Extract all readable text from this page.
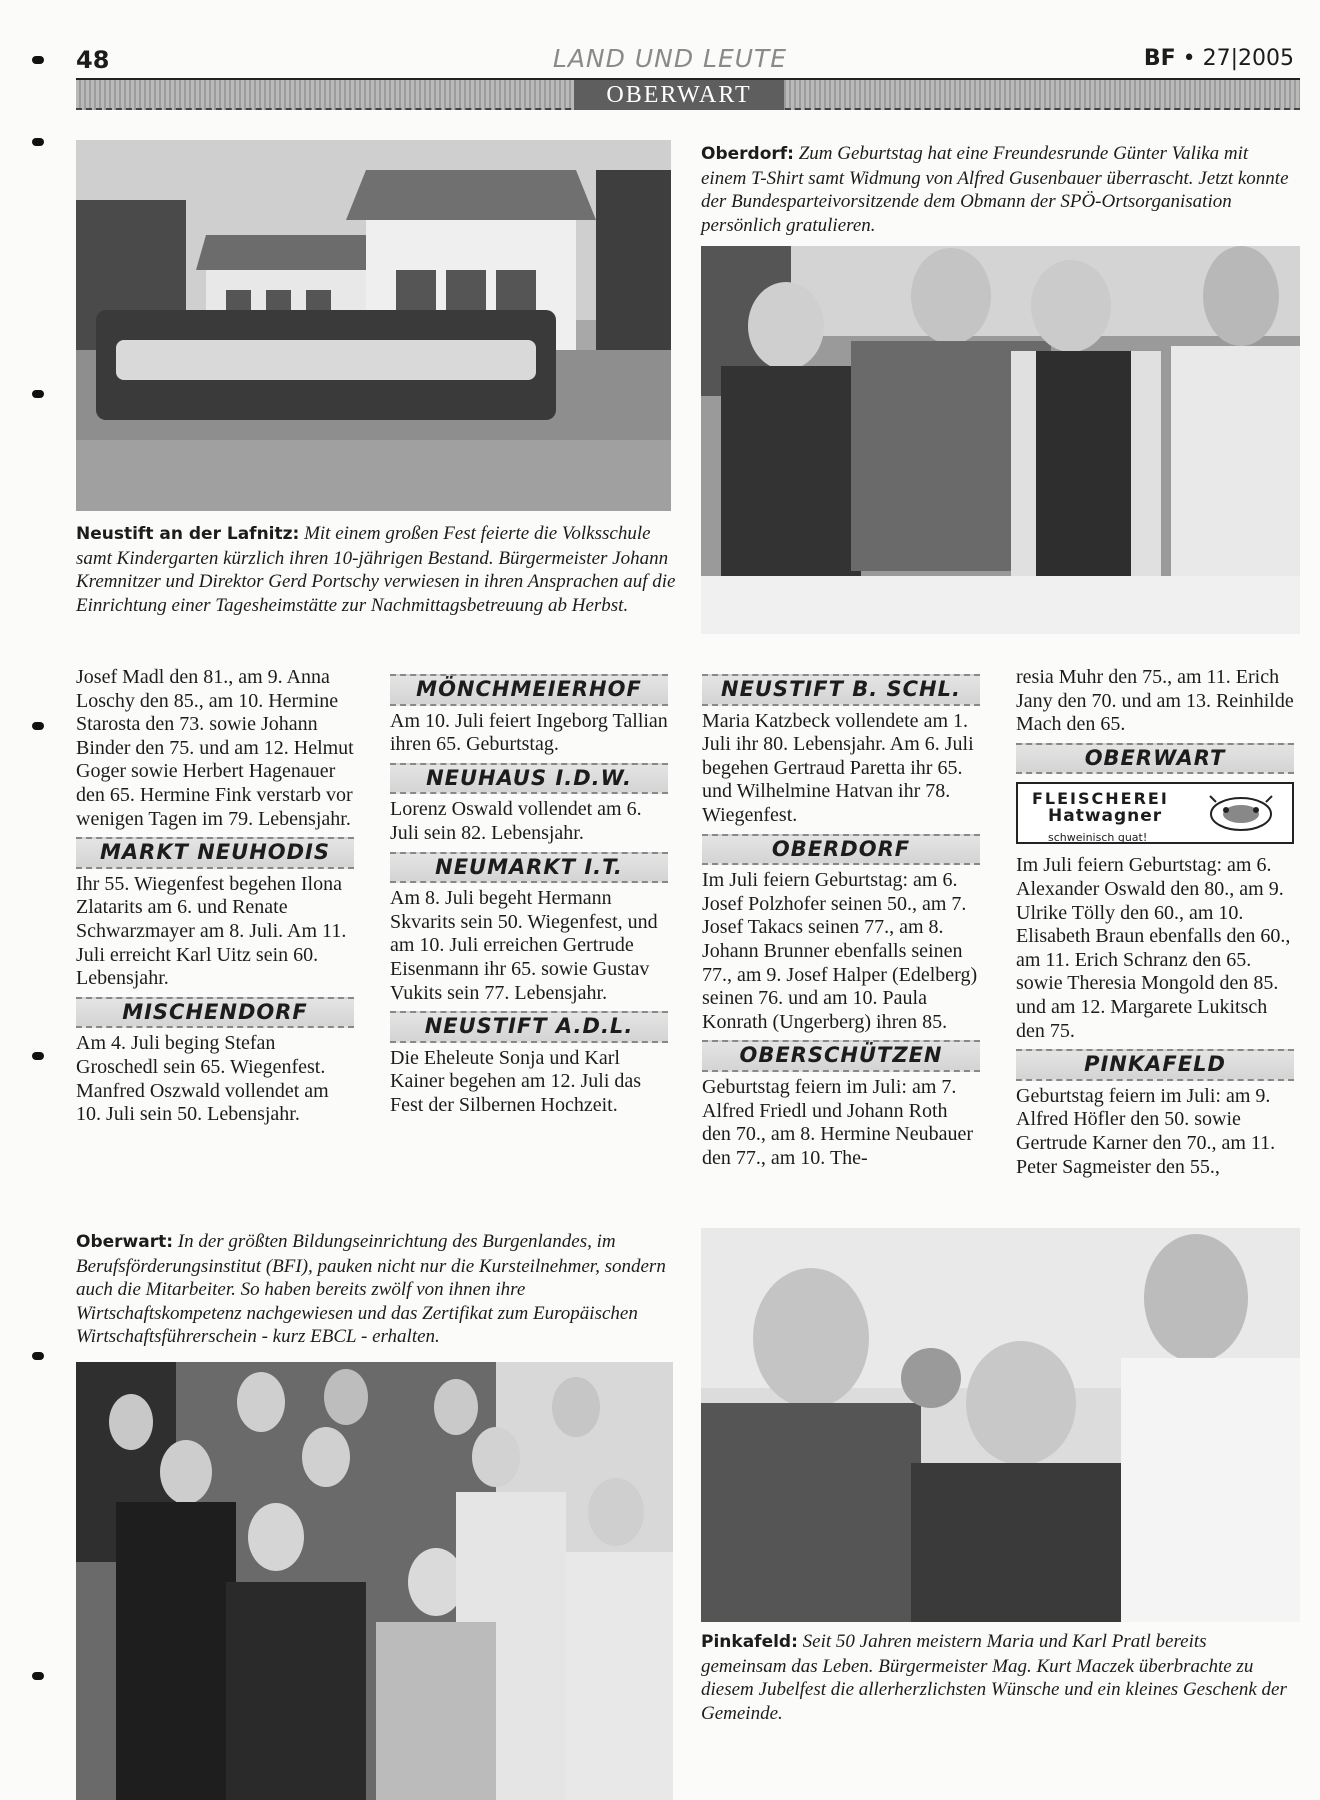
48	LAND UND LEUTE	BF • 27|2005
OBERWART
Neustift an der Lafnitz: Mit einem großen Fest feierte die Volksschule samt Kindergarten kürzlich ihren 10-jährigen Bestand. Bürgermeister Johann Kremnitzer und Direktor Gerd Portschy verwiesen in ihren Ansprachen auf die Einrichtung einer Tagesheimstätte zur Nachmittagsbetreuung ab Herbst.
Oberdorf: Zum Geburtstag hat eine Freundesrunde Günter Valika mit einem T-Shirt samt Widmung von Alfred Gusenbauer überrascht. Jetzt konnte der Bundesparteivorsitzende dem Obmann der SPÖ-Ortsorganisation persönlich gratulieren.

Josef Madl den 81., am 9. Anna Loschy den 85., am 10. Hermine Starosta den 73. sowie Johann Binder den 75. und am 12. Helmut Goger sowie Herbert Hagenauer den 65. Hermine Fink verstarb vor wenigen Tagen im 79. Lebensjahr.

MARKT NEUHODIS

Ihr 55. Wiegenfest begehen Ilona Zlatarits am 6. und Renate Schwarzmayer am 8. Juli. Am 11. Juli erreicht Karl Uitz sein 60. Lebensjahr.

MISCHENDORF

Am 4. Juli beging Stefan Groschedl sein 65. Wiegenfest. Manfred Oszwald vollendet am 10. Juli sein 50. Lebensjahr.

MÖNCHMEIERHOF

Am 10. Juli feiert Ingeborg Tallian ihren 65. Geburtstag.

NEUHAUS I.D.W.

Lorenz Oswald vollendet am 6. Juli sein 82. Lebensjahr.

NEUMARKT I.T.

Am 8. Juli begeht Hermann Skvarits sein 50. Wiegenfest, und am 10. Juli erreichen Gertrude Eisenmann ihr 65. sowie Gustav Vukits sein 77. Lebensjahr.

NEUSTIFT A.D.L.

Die Eheleute Sonja und Karl Kainer begehen am 12. Juli das Fest der Silbernen Hochzeit.

NEUSTIFT B. SCHL.

Maria Katzbeck vollendete am 1. Juli ihr 80. Lebensjahr. Am 6. Juli begehen Gertraud Paretta ihr 65. und Wilhelmine Hatvan ihr 78. Wiegenfest.

OBERDORF

Im Juli feiern Geburtstag: am 6. Josef Polzhofer seinen 50., am 7. Josef Takacs seinen 77., am 8. Johann Brunner ebenfalls seinen 77., am 9. Josef Halper (Edelberg) seinen 76. und am 10. Paula Konrath (Ungerberg) ihren 85.

OBERSCHÜTZEN

Geburtstag feiern im Juli: am 7. Alfred Friedl und Johann Roth den 70., am 8. Hermine Neubauer den 77., am 10. The-

resia Muhr den 75., am 11. Erich Jany den 70. und am 13. Reinhilde Mach den 65.

OBERWART
FLEISCHEREI
Hatwagner
schweinisch guat!

Im Juli feiern Geburtstag: am 6. Alexander Oswald den 80., am 9. Ulrike Tölly den 60., am 10. Elisabeth Braun ebenfalls den 60., am 11. Erich Schranz den 65. sowie Theresia Mongold den 85. und am 12. Margarete Lukitsch den 75.

PINKAFELD

Geburtstag feiern im Juli: am 9. Alfred Höfler den 50. sowie Gertrude Karner den 70., am 11. Peter Sagmeister den 55.,

Oberwart: In der größten Bildungseinrichtung des Burgenlandes, im Berufsförderungsinstitut (BFI), pauken nicht nur die Kursteilnehmer, sondern auch die Mitarbeiter. So haben bereits zwölf von ihnen ihre Wirtschaftskompetenz nachgewiesen und das Zertifikat zum Europäischen Wirtschaftsführerschein - kurz EBCL - erhalten.
Pinkafeld: Seit 50 Jahren meistern Maria und Karl Pratl bereits gemeinsam das Leben. Bürgermeister Mag. Kurt Maczek überbrachte zu diesem Jubelfest die allerherzlichsten Wünsche und ein kleines Geschenk der Gemeinde.
